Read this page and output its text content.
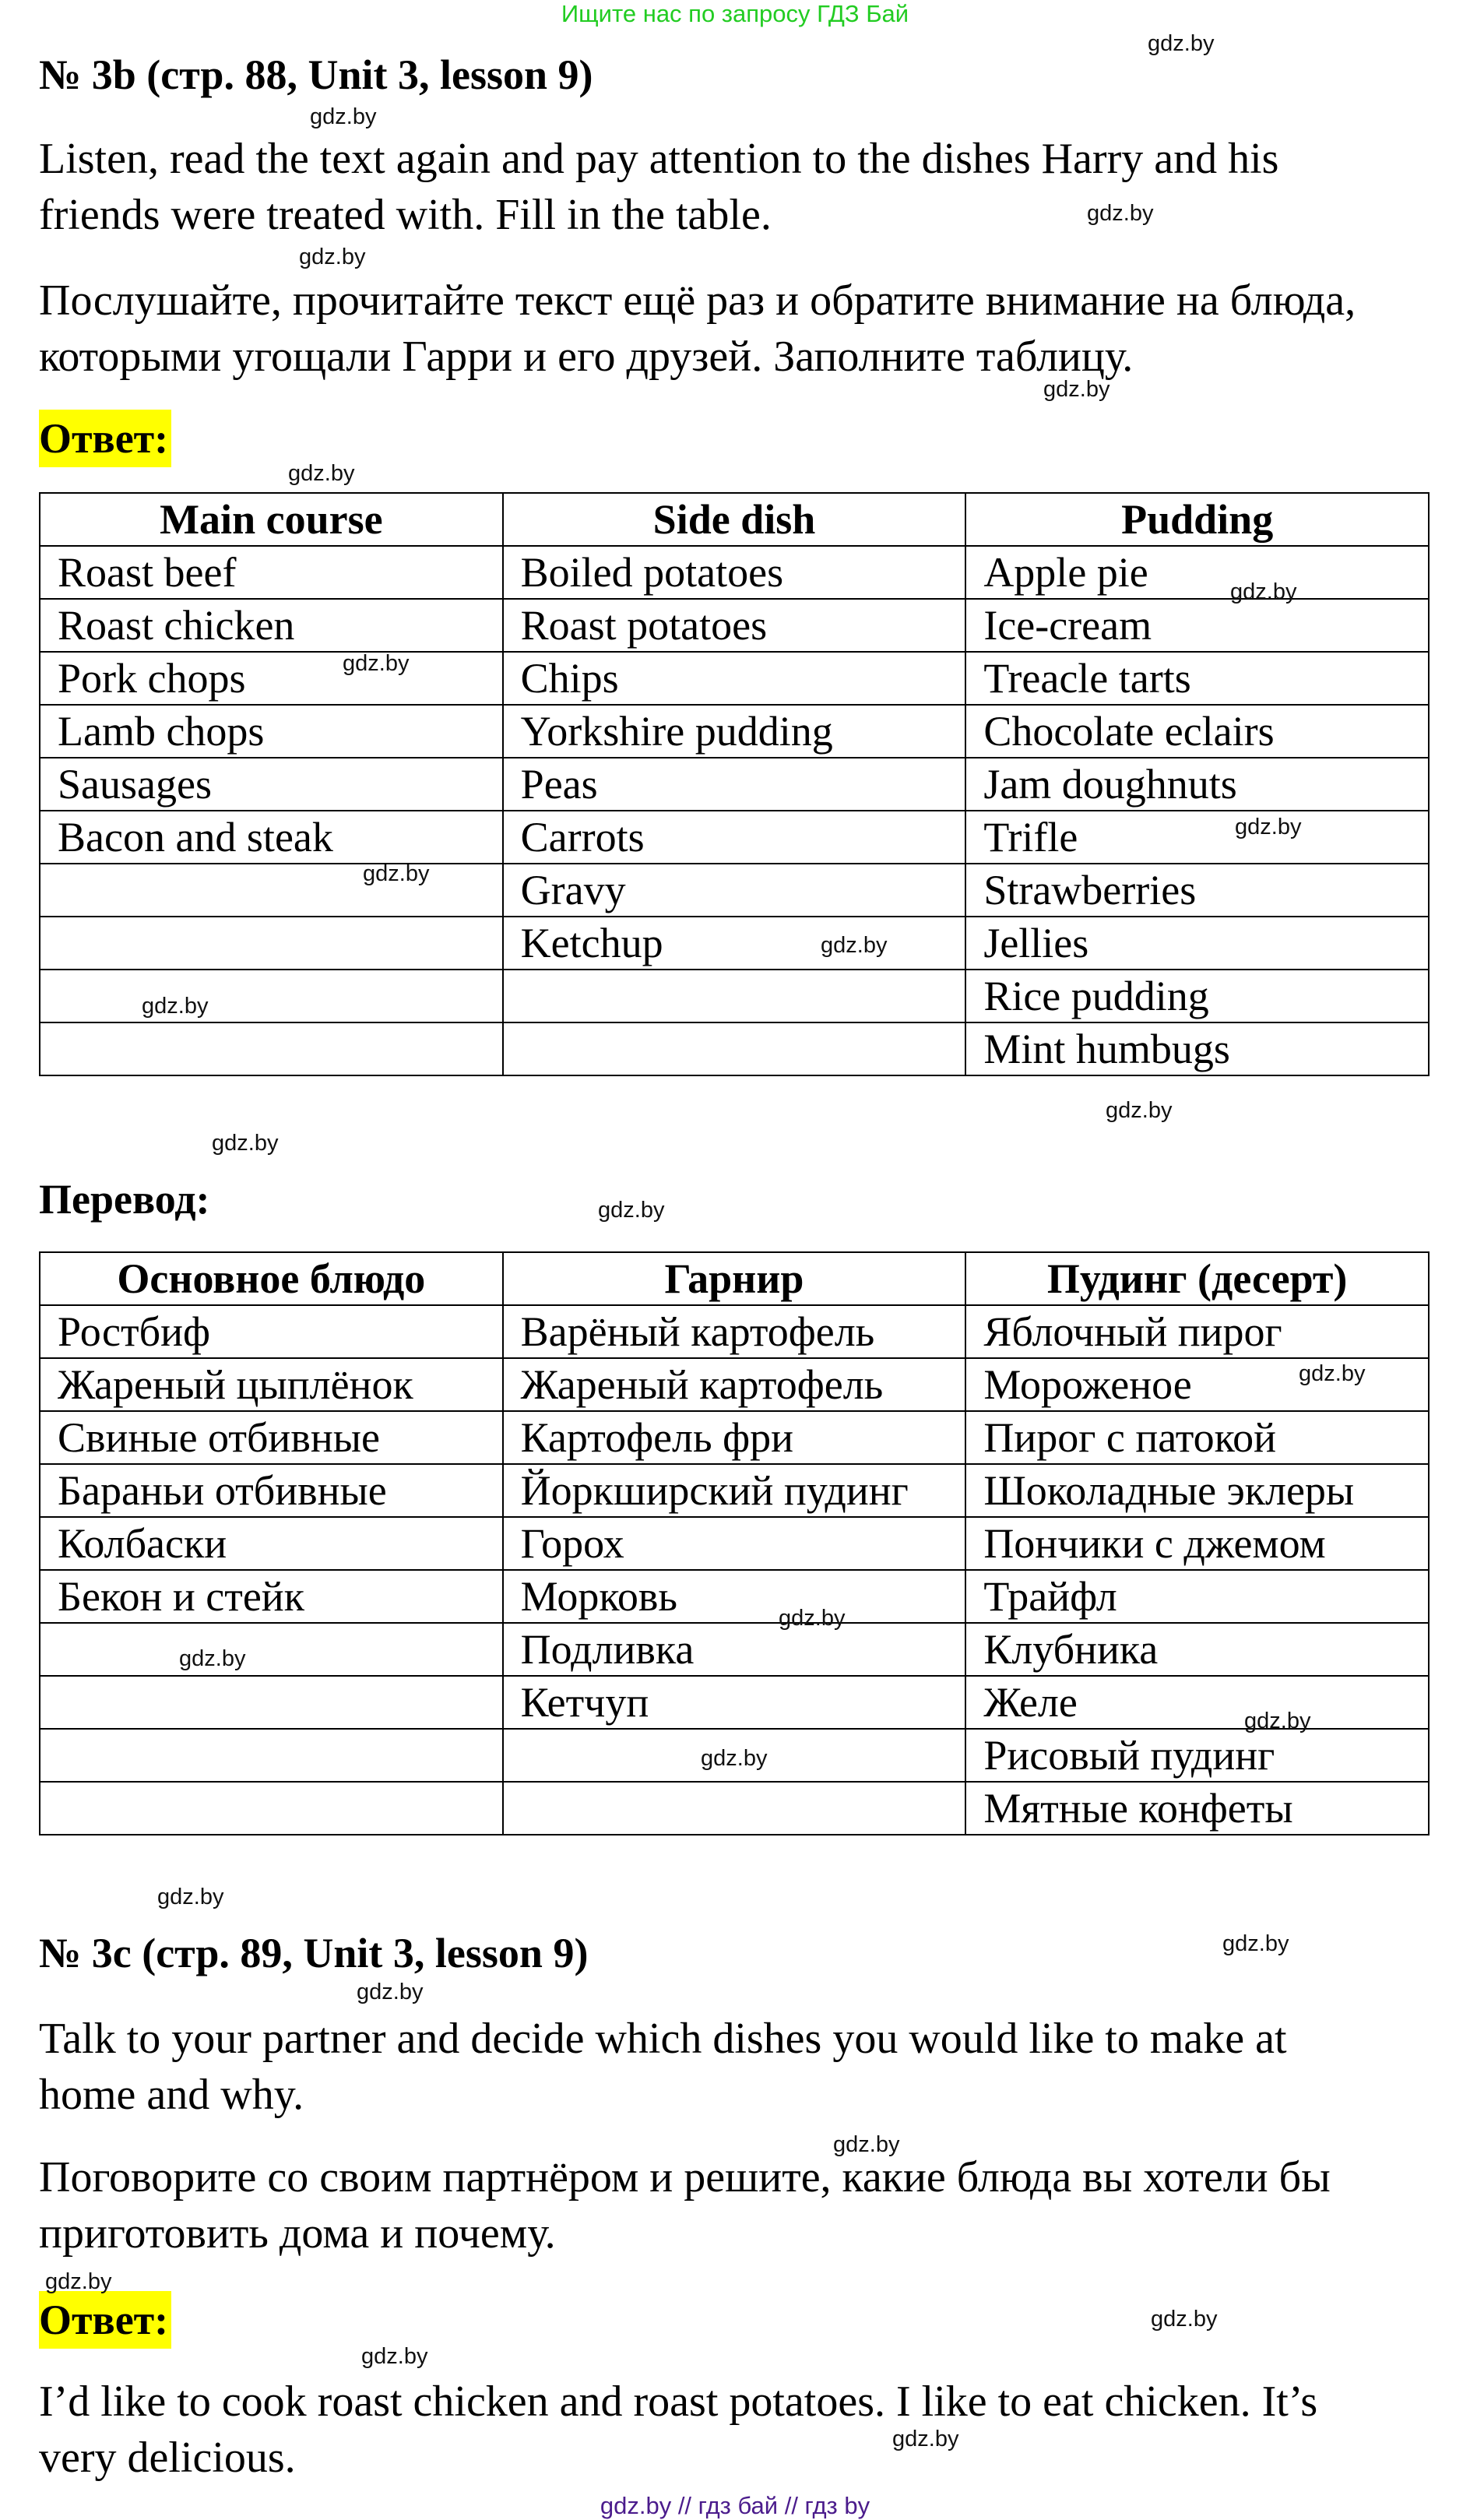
Ищите нас по запросу ГДЗ Бай
№ 3b (стр. 88, Unit 3, lesson 9)
Listen, read the text again and pay attention to the dishes Harry and his
friends were treated with. Fill in the table.
Послушайте, прочитайте текст ещё раз и обратите внимание на блюда,
которыми угощали Гарри и его друзей. Заполните таблицу.
Ответ:
Main course	Side dish	Pudding
Roast beef	Boiled potatoes	Apple pie
Roast chicken	Roast potatoes	Ice-cream
Pork chops	Chips	Treacle tarts
Lamb chops	Yorkshire pudding	Chocolate eclairs
Sausages	Peas	Jam doughnuts
Bacon and steak	Carrots	Trifle
	Gravy	Strawberries
	Ketchup	Jellies
		Rice pudding
		Mint humbugs
Перевод:
Основное блюдо	Гарнир	Пудинг (десерт)
Ростбиф	Варёный картофель	Яблочный пирог
Жареный цыплёнок	Жареный картофель	Мороженое
Свиные отбивные	Картофель фри	Пирог с патокой
Бараньи отбивные	Йоркширский пудинг	Шоколадные эклеры
Колбаски	Горох	Пончики с джемом
Бекон и стейк	Морковь	Трайфл
	Подливка	Клубника
	Кетчуп	Желе
		Рисовый пудинг
		Мятные конфеты
№ 3c (стр. 89, Unit 3, lesson 9)
Talk to your partner and decide which dishes you would like to make at
home and why.
Поговорите со своим партнёром и решите, какие блюда вы хотели бы
приготовить дома и почему.
Ответ:
I’d like to cook roast chicken and roast potatoes. I like to eat chicken. It’s
very delicious.
gdz.by
gdz.by
gdz.by
gdz.by
gdz.by
gdz.by
gdz.by
gdz.by
gdz.by
gdz.by
gdz.by
gdz.by
gdz.by
gdz.by
gdz.by
gdz.by
gdz.by
gdz.by
gdz.by
gdz.by
gdz.by
gdz.by
gdz.by
gdz.by
gdz.by
gdz.by
gdz.by
gdz.by
gdz.by // гдз бай // гдз by
